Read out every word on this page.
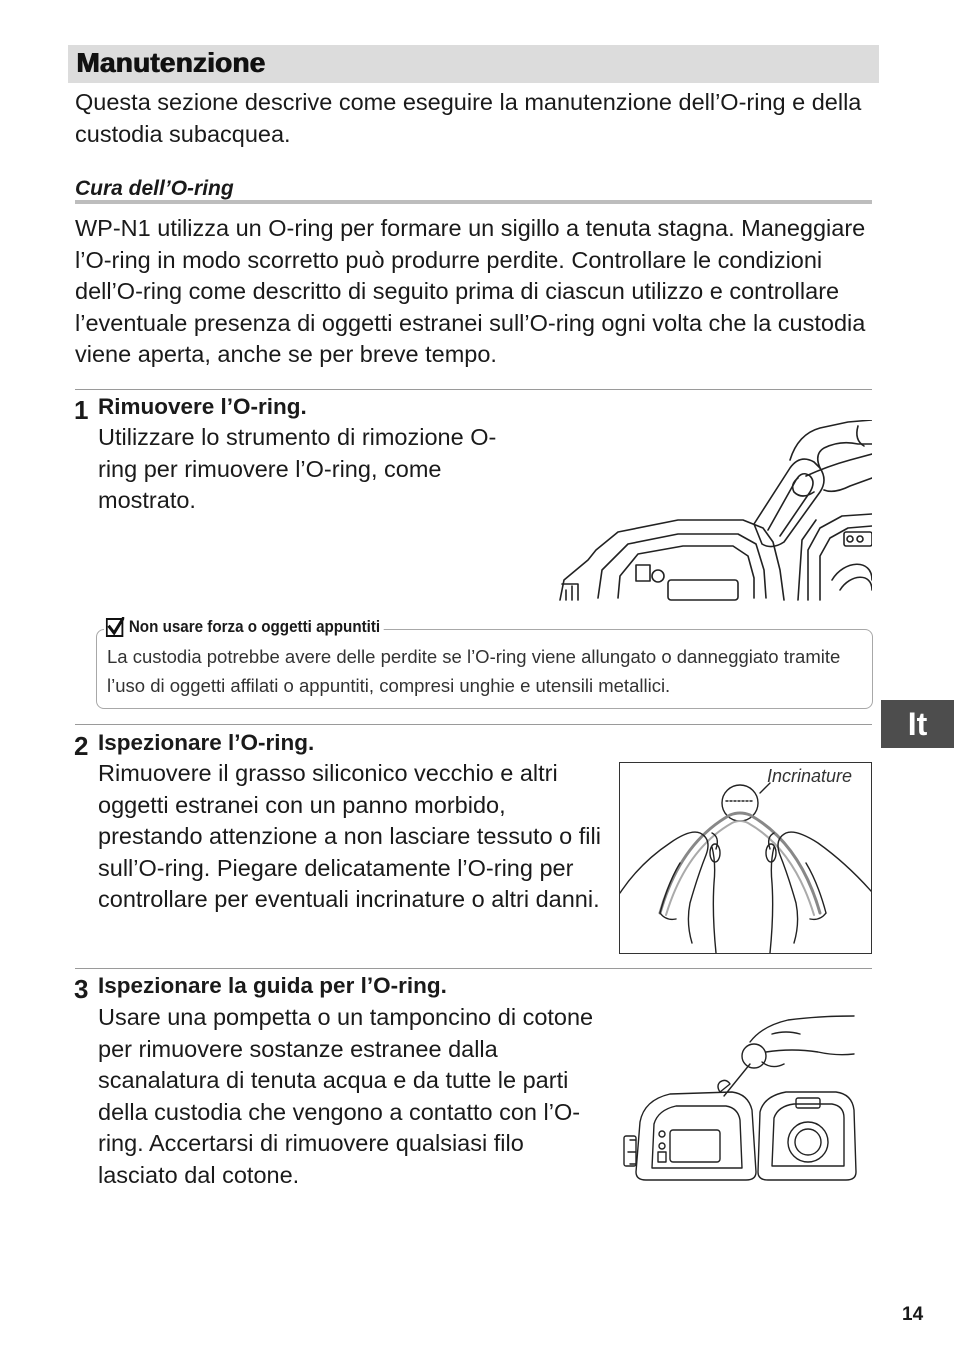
Manutenzione
Questa sezione descrive come eseguire la manutenzione dell’O-ring e della custodia subacquea.
Cura dell’O-ring
WP-N1 utilizza un O-ring per formare un sigillo a tenuta stagna. Maneggiare l’O-ring in modo scorretto può produrre perdite. Controllare le condizioni dell’O-ring come descritto di seguito prima di ciascun utilizzo e controllare l’eventuale presenza di oggetti estranei sull’O-ring ogni volta che la custodia viene aperta, anche se per breve tempo.
1 Rimuovere l’O-ring.
Utilizzare lo strumento di rimozione O-ring per rimuovere l’O-ring, come mostrato.
Non usare forza o oggetti appuntiti
La custodia potrebbe avere delle perdite se l’O-ring viene allungato o danneggiato tramite l’uso di oggetti affilati o appuntiti, compresi unghie e utensili metallici.
2 Ispezionare l’O-ring.
Rimuovere il grasso siliconico vecchio e altri oggetti estranei con un panno morbido, prestando attenzione a non lasciare tessuto o fili sull’O-ring. Piegare delicatamente l’O-ring per controllare per eventuali incrinature o altri danni.
Incrinature
3 Ispezionare la guida per l’O-ring.
Usare una pompetta o un tamponcino di cotone per rimuovere sostanze estranee dalla scanalatura di tenuta acqua e da tutte le parti della custodia che vengono a contatto con l’O-ring. Accertarsi di rimuovere qualsiasi filo lasciato dal cotone.
It
14
